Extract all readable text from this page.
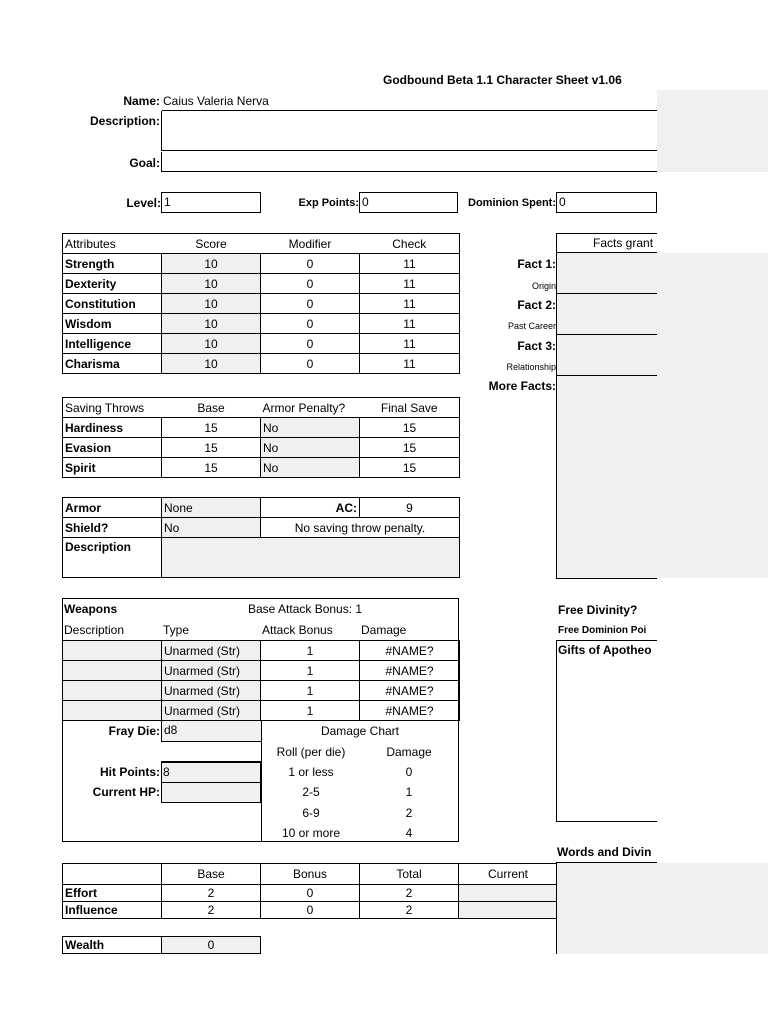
Godbound Beta 1.1 Character Sheet v1.06
Name: Caius Valeria Nerva
Description:
Goal:
Level: 1	Exp Points: 0	Dominion Spent: 0
Attributes	Score	Modifier	Check
Strength	10	0	11
Dexterity	10	0	11
Constitution	10	0	11
Wisdom	10	0	11
Intelligence	10	0	11
Charisma	10	0	11
Saving Throws	Base	Armor Penalty?	Final Save
Hardiness	15	No	15
Evasion	15	No	15
Spirit	15	No	15
Armor	None	AC:	9
Shield?	No	No saving throw penalty.	
Description			
Weapons	Base Attack Bonus: 1
Description	Type	Attack Bonus	Damage
	Unarmed (Str)	1	#NAME?
	Unarmed (Str)	1	#NAME?
	Unarmed (Str)	1	#NAME?
	Unarmed (Str)	1	#NAME?
Fray Die: d8
Hit Points: 8
Current HP:
Damage Chart
Roll (per die)	Damage
1 or less	0
2-5	1
6-9	2
10 or more	4
	Base	Bonus	Total	Current
Effort	2	0	2	
Influence	2	0	2	
Wealth	0
Facts grant
Fact 1:
Origin
Fact 2:
Past Career
Fact 3:
Relationship
More Facts:
Free Divinity?
Free Dominion Poi
Gifts of Apotheo
Words and Divin
